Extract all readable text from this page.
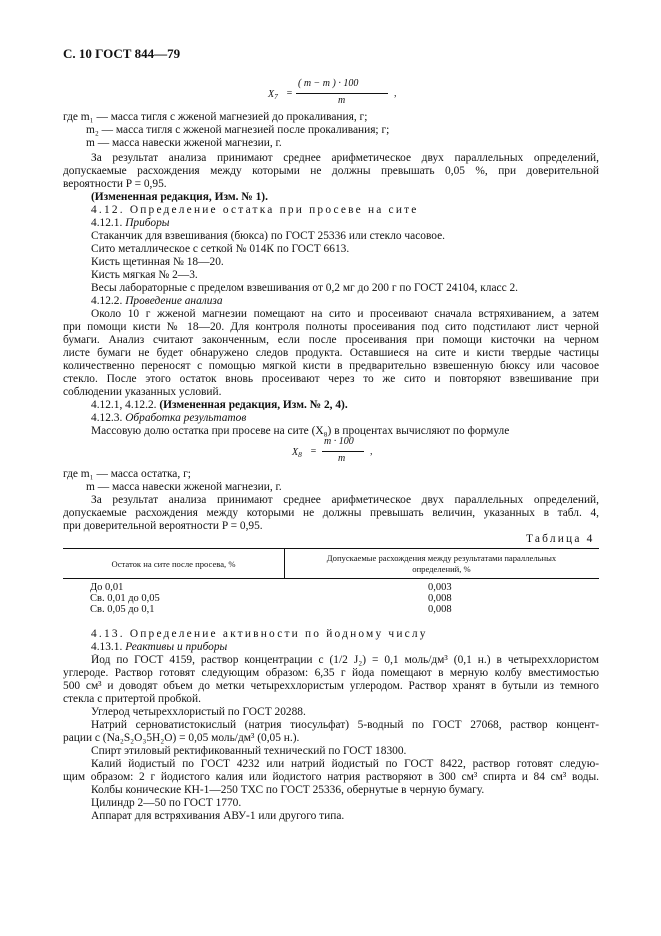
С. 10 ГОСТ 844—79
$X_7$ =
( m − m ) · 100
m
,
где m₁ — масса тигля с жженой магнезией до прокаливания, г;
m₂ — масса тигля с жженой магнезией после прокаливания; г;
m — масса навески жженой магнезии, г.
За результат анализа принимают среднее арифметическое двух параллельных определений,
допускаемые расхождения между которыми не должны превышать 0,05 %, при доверительной
вероятности P = 0,95.
(Измененная редакция, Изм. № 1).
4.12. Определение остатка при просеве на сите
4.12.1. Приборы
Стаканчик для взвешивания (бюкса) по ГОСТ 25336 или стекло часовое.
Сито металлическое с сеткой № 014К по ГОСТ 6613.
Кисть щетинная № 18—20.
Кисть мягкая № 2—3.
Весы лабораторные с пределом взвешивания от 0,2 мг до 200 г по ГОСТ 24104, класс 2.
4.12.2. Проведение анализа
Около 10 г жженой магнезии помещают на сито и просеивают сначала встряхиванием, а затем
при помощи кисти № 18—20. Для контроля полноты просеивания под сито подстилают лист черной
бумаги. Анализ считают законченным, если после просеивания при помощи кисточки на черном
листе бумаги не будет обнаружено следов продукта. Оставшиеся на сите и кисти твердые частицы
количественно переносят с помощью мягкой кисти в предварительно взвешенную бюксу или часовое
стекло. После этого остаток вновь просеивают через то же сито и повторяют взвешивание при
соблюдении указанных условий.
4.12.1, 4.12.2. (Измененная редакция, Изм. № 2, 4).
4.12.3. Обработка результатов
Массовую долю остатка при просеве на сите (X₈) в процентах вычисляют по формуле
$X_8$ =
m · 100
m
,
где m₁ — масса остатка, г;
m — масса навески жженой магнезии, г.
За результат анализа принимают среднее арифметическое двух параллельных определений,
допускаемые расхождения между которыми не должны превышать величин, указанных в табл. 4,
при доверительной вероятности P = 0,95.
Таблица 4
Остаток на сите после просева, %
Допускаемые расхождения между результатами параллельных
определений, %
До 0,01	0,003
Св. 0,01 до 0,05	0,008
Св. 0,05 до 0,1	0,008
4.13. Определение активности по йодному числу
4.13.1. Реактивы и приборы
Йод по ГОСТ 4159, раствор концентрации с (1/2 J₂) = 0,1 моль/дм³ (0,1 н.) в четыреххлористом
углероде. Раствор готовят следующим образом: 6,35 г йода помещают в мерную колбу вместимостью
500 см³ и доводят объем до метки четыреххлористым углеродом. Раствор хранят в бутыли из темного
стекла с притертой пробкой.
Углерод четыреххлористый по ГОСТ 20288.
Натрий серноватистокислый (натрия тиосульфат) 5-водный по ГОСТ 27068, раствор концент-
рации с (Na₂S₂O₃5H₂O) = 0,05 моль/дм³ (0,05 н.).
Спирт этиловый ректификованный технический по ГОСТ 18300.
Калий йодистый по ГОСТ 4232 или натрий йодистый по ГОСТ 8422, раствор готовят следую-
щим образом: 2 г йодистого калия или йодистого натрия растворяют в 300 см³ спирта и 84 см³ воды.
Колбы конические КН-1—250 ТХС по ГОСТ 25336, обернутые в черную бумагу.
Цилиндр 2—50 по ГОСТ 1770.
Аппарат для встряхивания АВУ-1 или другого типа.
